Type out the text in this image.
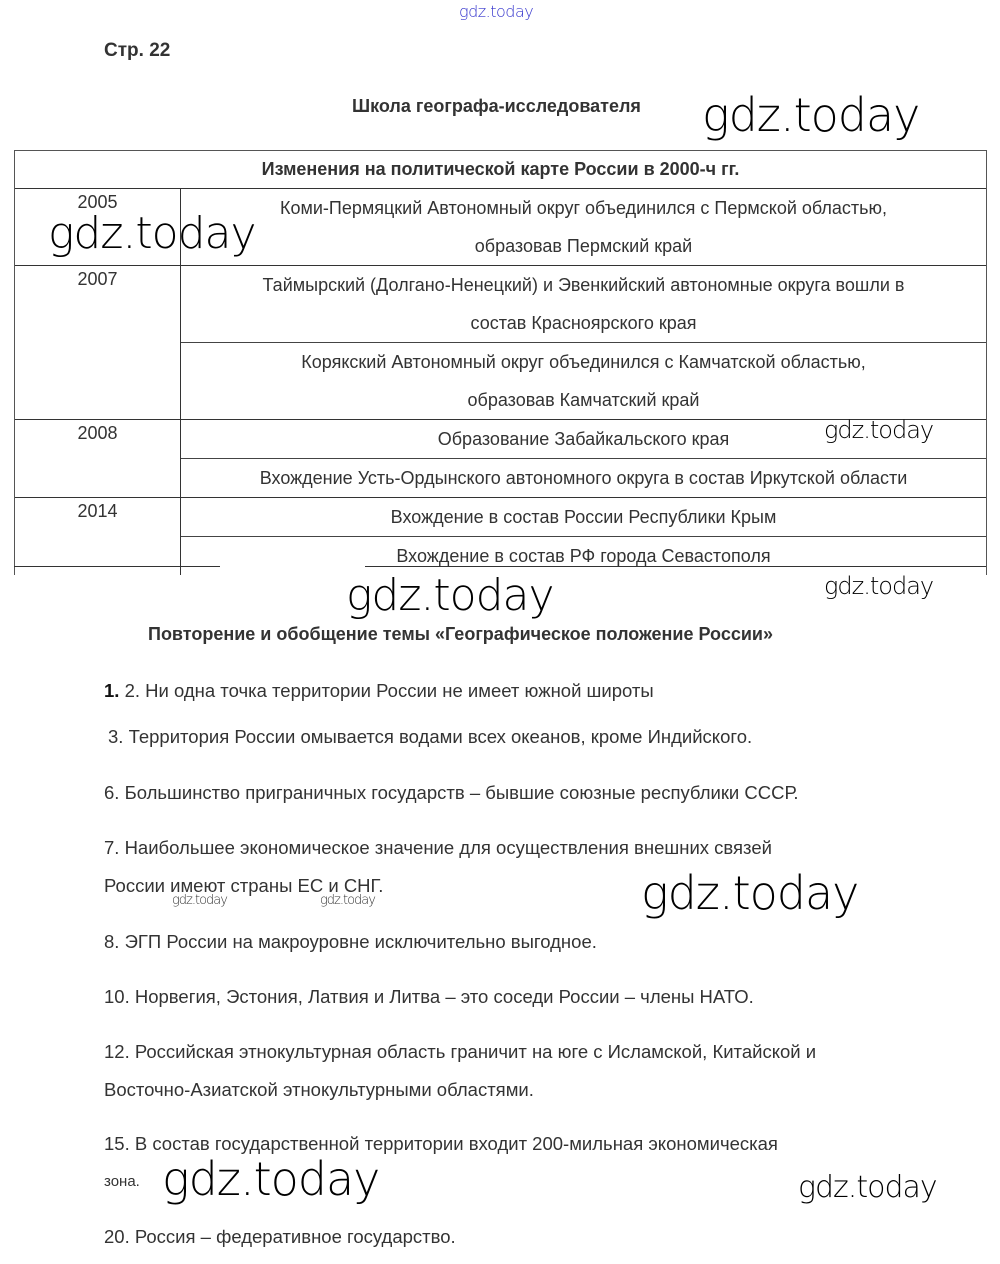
gdz.today
Стр. 22
Школа географа-исследователя gdz.today
Изменения на политической карте России в 2000-ч гг.
2005	Коми-Пермяцкий Автономный округ объединился с Пермской областью,
образовав Пермский край
2007	Таймырский (Долгано-Ненецкий) и Эвенкийский автономные округа вошли в
состав Красноярского края
Корякский Автономный округ объединился с Камчатской областью,
образовав Камчатский край
2008	Образование Забайкальского края
Вхождение Усть-Ордынского автономного округа в состав Иркутской области
2014	Вхождение в состав России Республики Крым
Вхождение в состав РФ города Севастополя
gdz.today
gdz.today
gdz.today	gdz.today
Повторение и обобщение темы «Географическое положение России»
1. 2. Ни одна точка территории России не имеет южной широты
3. Территория России омывается водами всех океанов, кроме Индийского.
6. Большинство приграничных государств – бывшие союзные республики СССР.
7. Наибольшее экономическое значение для осуществления внешних связей
России имеют страны ЕС и СНГ.
8. ЭГП России на макроуровне исключительно выгодное.
10. Норвегия, Эстония, Латвия и Литва – это соседи России – члены НАТО.
12. Российская этнокультурная область граничит на юге с Исламской, Китайской и
Восточно-Азиатской этнокультурными областями.
15. В состав государственной территории входит 200-мильная экономическая
зона.
20. Россия – федеративное государство.
gdz.today	gdz.today	gdz.today
gdz.today	gdz.today
